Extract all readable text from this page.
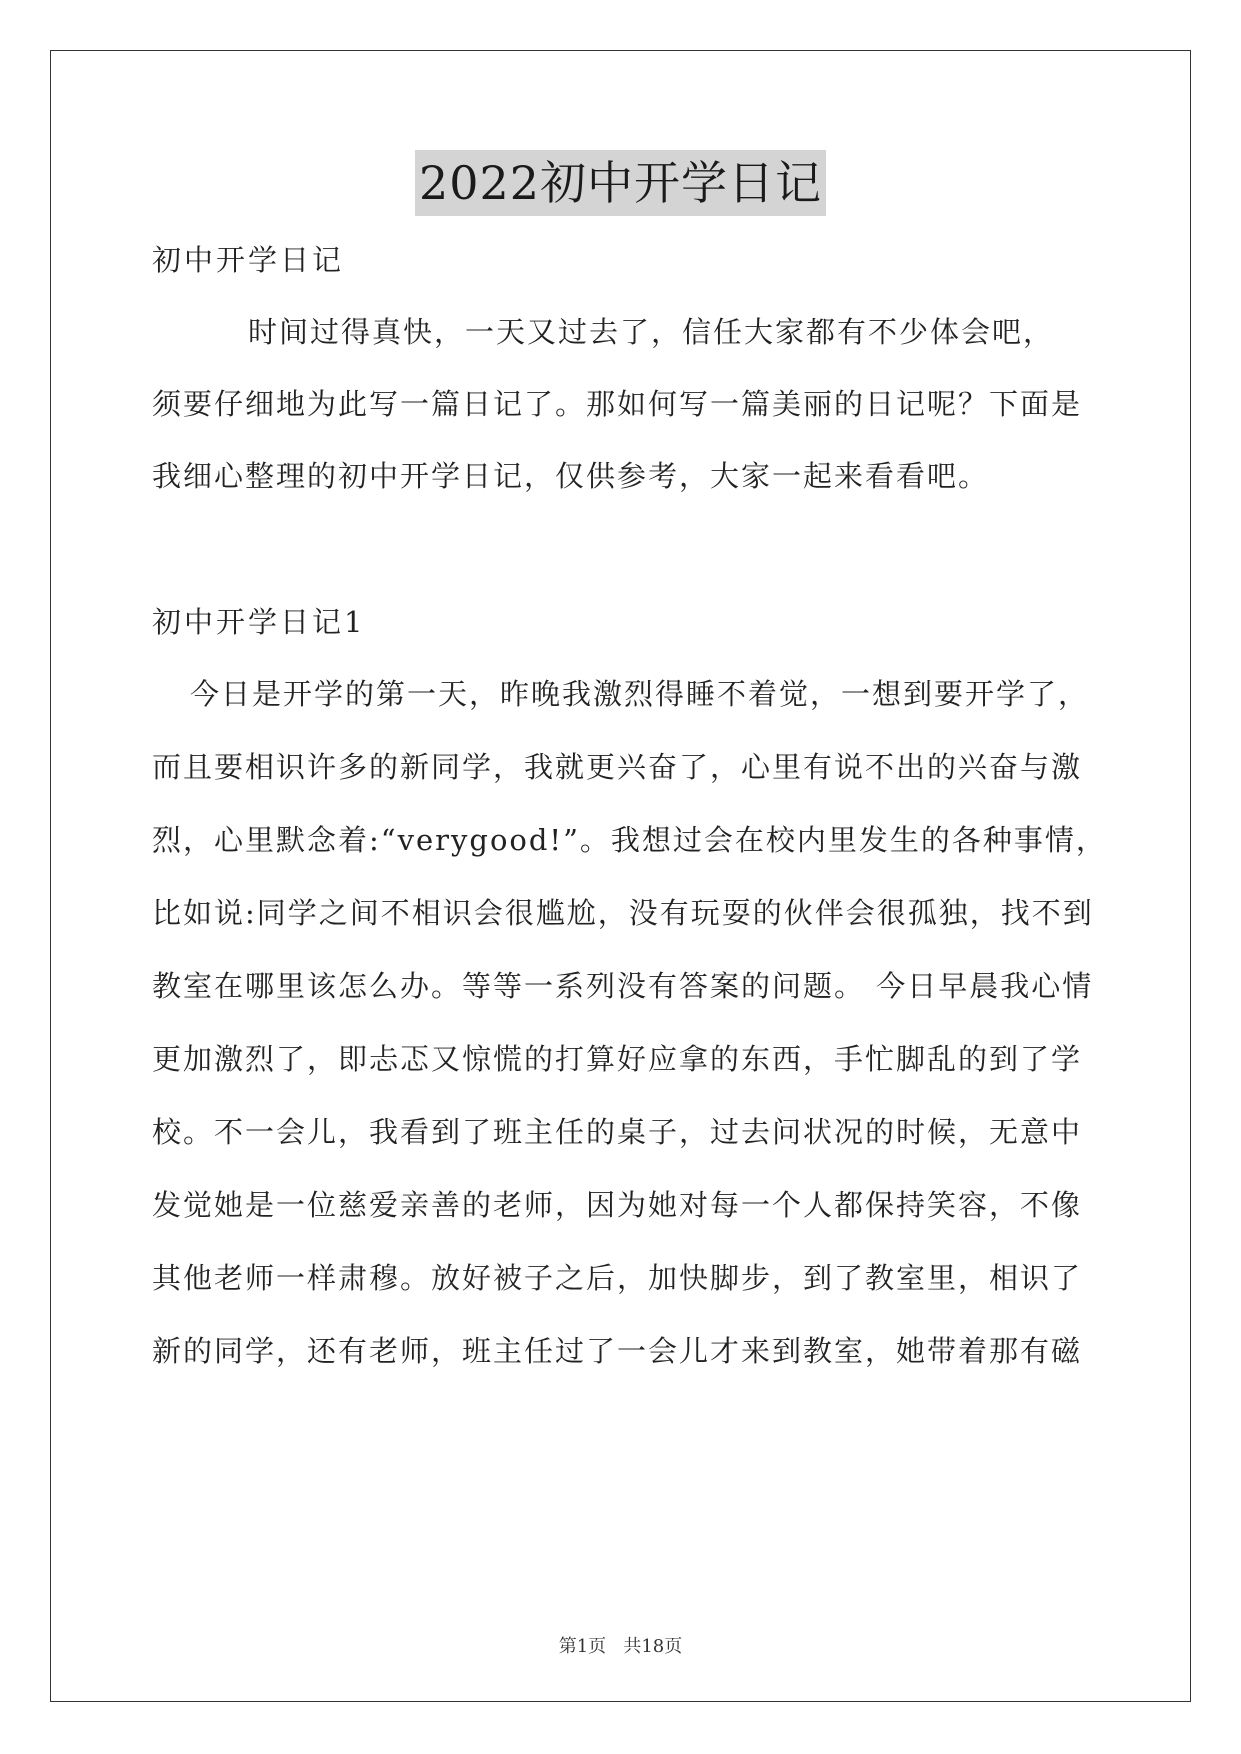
2022初中开学日记
初中开学日记
时间过得真快，一天又过去了，信任大家都有不少体会吧，
须要仔细地为此写一篇日记了。那如何写一篇美丽的日记呢？下面是
我细心整理的初中开学日记，仅供参考，大家一起来看看吧。
初中开学日记1
今日是开学的第一天，昨晚我激烈得睡不着觉，一想到要开学了，
而且要相识许多的新同学，我就更兴奋了，心里有说不出的兴奋与激
烈，心里默念着:“verygood!”。我想过会在校内里发生的各种事情，
比如说:同学之间不相识会很尴尬，没有玩耍的伙伴会很孤独，找不到
教室在哪里该怎么办。等等一系列没有答案的问题。 今日早晨我心情
更加激烈了，即忐忑又惊慌的打算好应拿的东西，手忙脚乱的到了学
校。不一会儿，我看到了班主任的桌子，过去问状况的时候，无意中
发觉她是一位慈爱亲善的老师，因为她对每一个人都保持笑容，不像
其他老师一样肃穆。放好被子之后，加快脚步，到了教室里，相识了
新的同学，还有老师，班主任过了一会儿才来到教室，她带着那有磁
第1页   共18页
